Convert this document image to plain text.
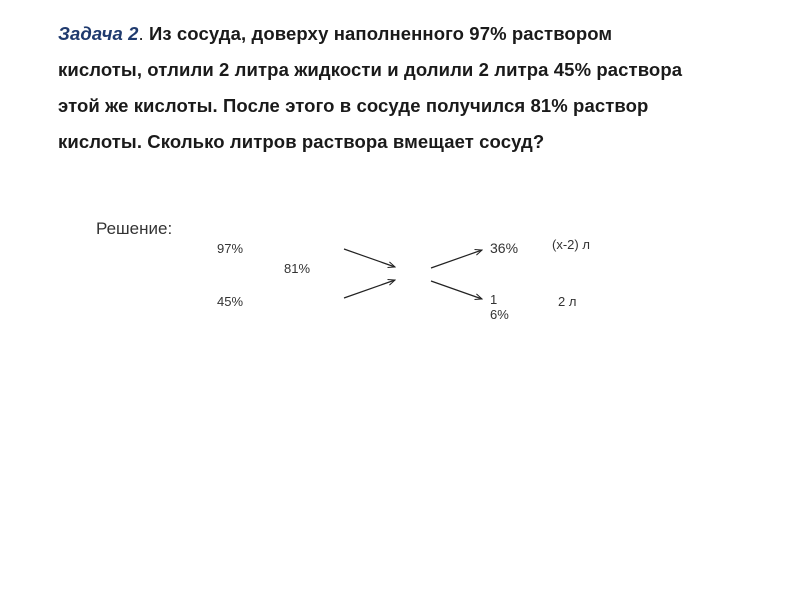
Задача 2. Из сосуда, доверху наполненного 97% раствором
кислоты, отлили 2 литра жидкости и долили 2 литра 45% раствора
этой же кислоты. После этого в сосуде получился 81% раствор
кислоты. Сколько литров раствора вмещает сосуд?
Решение:
97%
81%
45%
36%
16%
(x-2) л
2 л
